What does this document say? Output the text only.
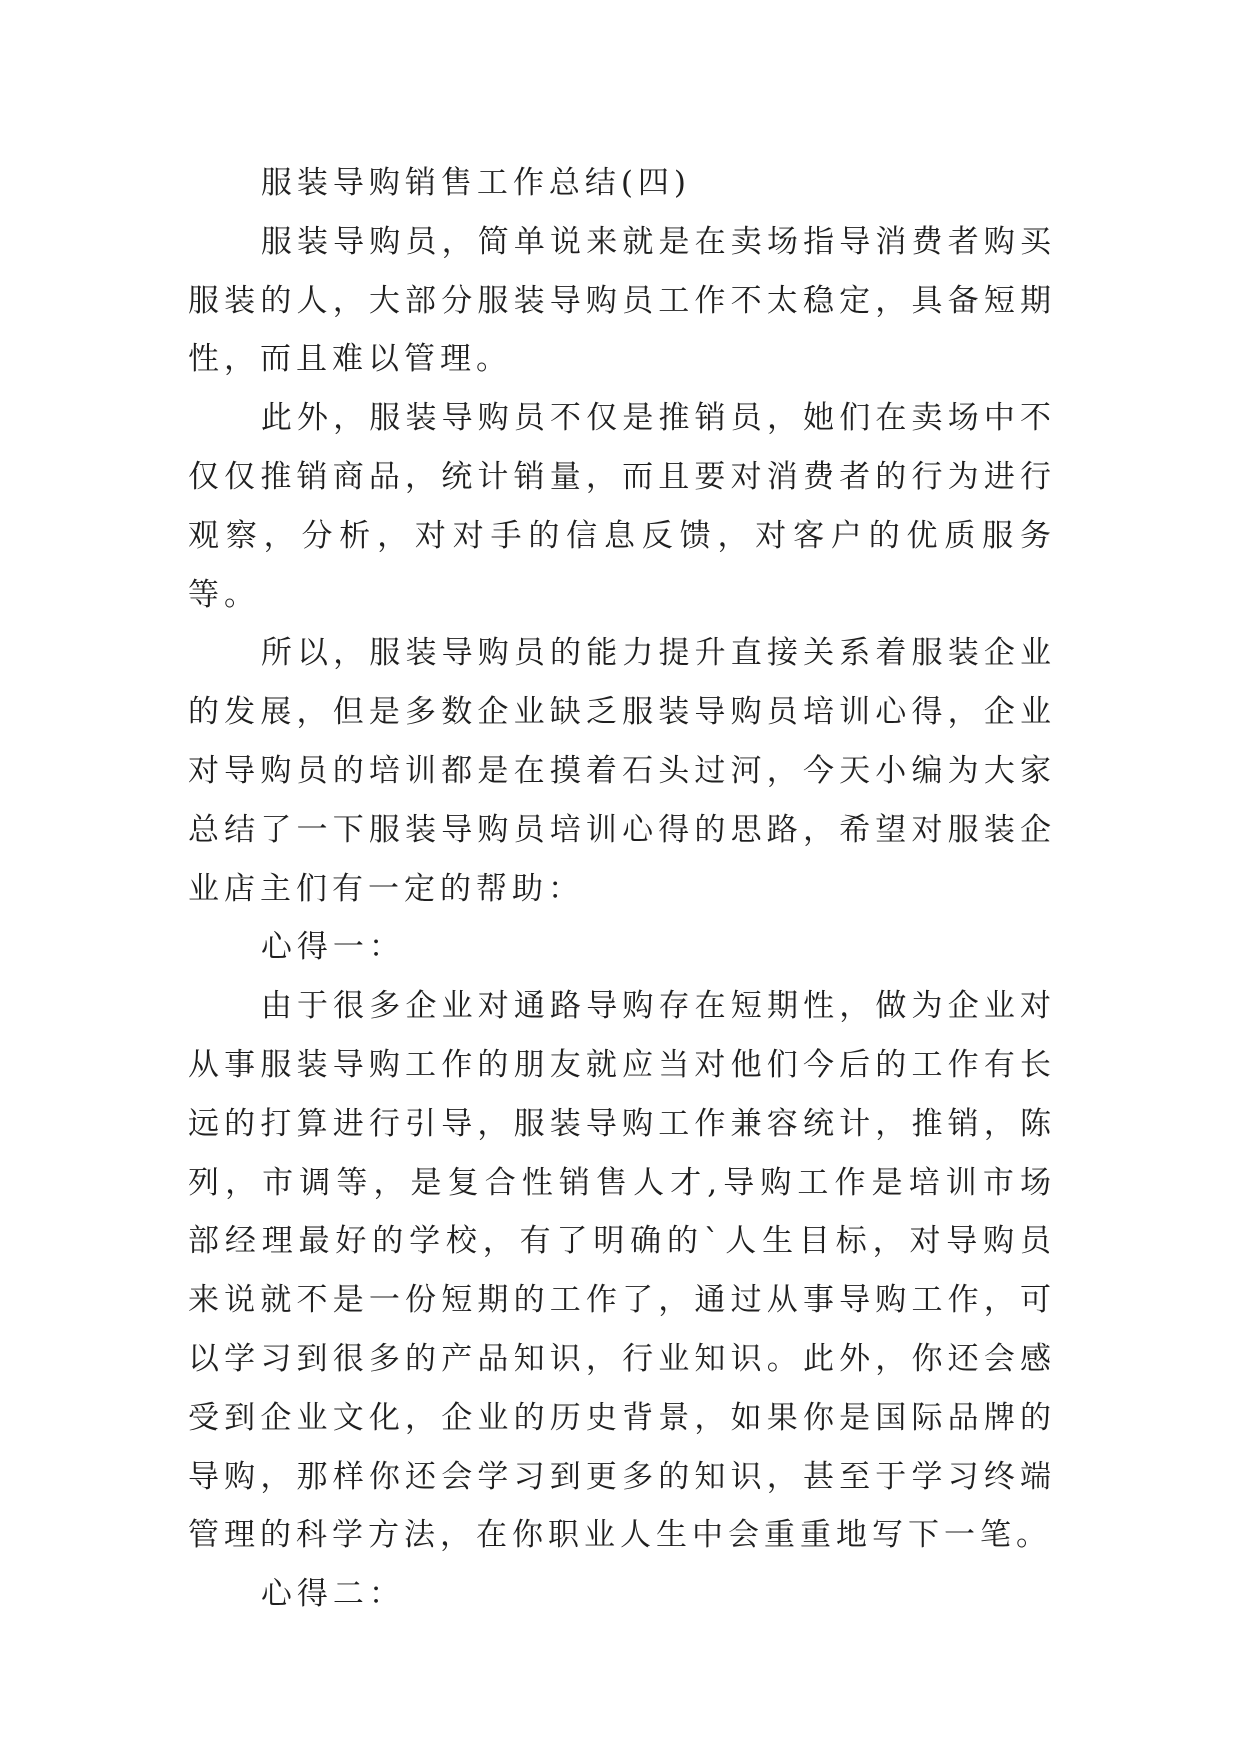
服装导购销售工作总结(四)

服装导购员，简单说来就是在卖场指导消费者购买服装的人，大部分服装导购员工作不太稳定，具备短期性，而且难以管理。

此外，服装导购员不仅是推销员，她们在卖场中不仅仅推销商品，统计销量，而且要对消费者的行为进行观察，分析，对对手的信息反馈，对客户的优质服务等。

所以，服装导购员的能力提升直接关系着服装企业的发展，但是多数企业缺乏服装导购员培训心得，企业对导购员的培训都是在摸着石头过河，今天小编为大家总结了一下服装导购员培训心得的思路，希望对服装企业店主们有一定的帮助：

心得一：

由于很多企业对通路导购存在短期性，做为企业对从事服装导购工作的朋友就应当对他们今后的工作有长远的打算进行引导，服装导购工作兼容统计，推销，陈列，市调等，是复合性销售人才,导购工作是培训市场部经理最好的学校，有了明确的`人生目标，对导购员来说就不是一份短期的工作了，通过从事导购工作，可以学习到很多的产品知识，行业知识。此外，你还会感受到企业文化，企业的历史背景，如果你是国际品牌的导购，那样你还会学习到更多的知识，甚至于学习终端管理的科学方法，在你职业人生中会重重地写下一笔。

心得二：
